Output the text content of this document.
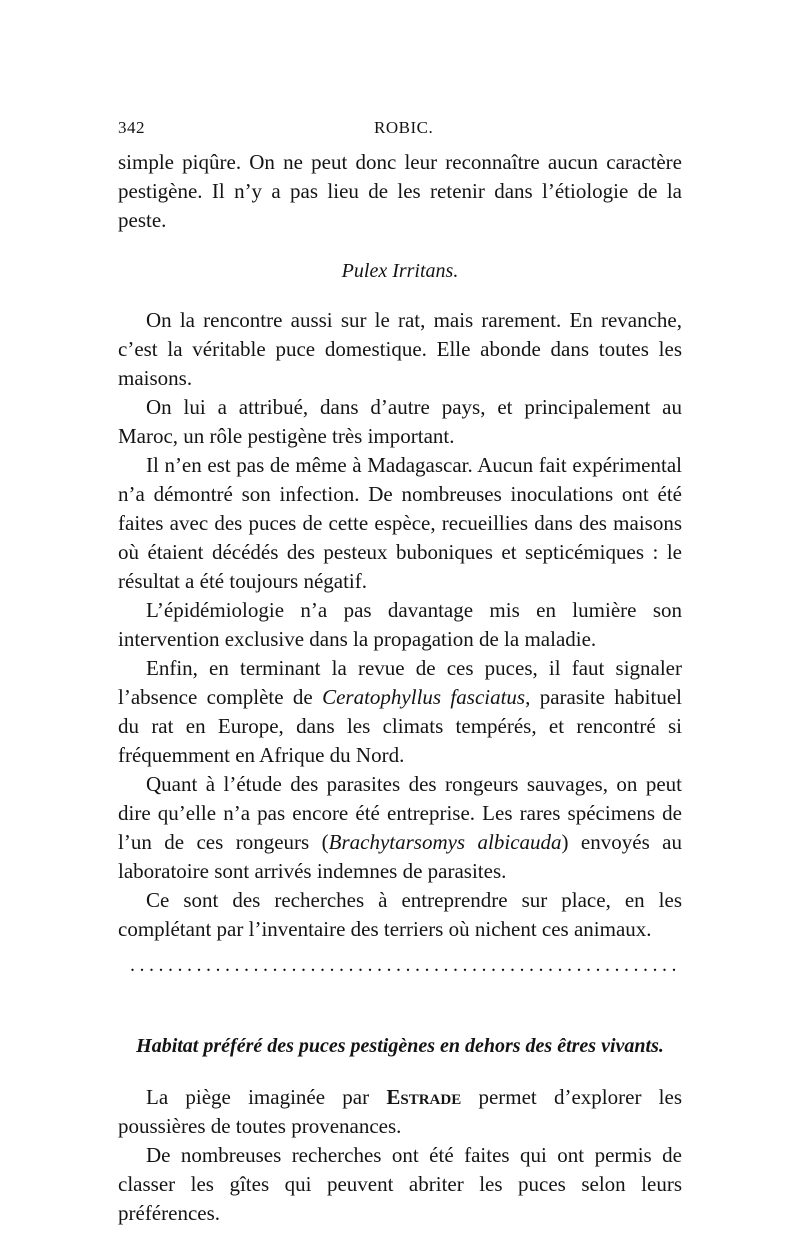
342	ROBIC.

simple piqûre. On ne peut donc leur reconnaître aucun caractère pestigène. Il n’y a pas lieu de les retenir dans l’étiologie de la peste.

Pulex Irritans.

On la rencontre aussi sur le rat, mais rarement. En revanche, c’est la véritable puce domestique. Elle abonde dans toutes les maisons.

On lui a attribué, dans d’autre pays, et principalement au Maroc, un rôle pestigène très important.

Il n’en est pas de même à Madagascar. Aucun fait expérimental n’a démontré son infection. De nombreuses inoculations ont été faites avec des puces de cette espèce, recueillies dans des maisons où étaient décédés des pesteux buboniques et septicémiques : le résultat a été toujours négatif.

L’épidémiologie n’a pas davantage mis en lumière son intervention exclusive dans la propagation de la maladie.

Enfin, en terminant la revue de ces puces, il faut signaler l’absence complète de Ceratophyllus fasciatus, parasite habituel du rat en Europe, dans les climats tempérés, et rencontré si fréquemment en Afrique du Nord.

Quant à l’étude des parasites des rongeurs sauvages, on peut dire qu’elle n’a pas encore été entreprise. Les rares spécimens de l’un de ces rongeurs (Brachytarsomys albicauda) envoyés au laboratoire sont arrivés indemnes de parasites.

Ce sont des recherches à entreprendre sur place, en les complétant par l’inventaire des terriers où nichent ces animaux.

..........................................................
Habitat préféré des puces pestigènes en dehors des êtres vivants.

La piège imaginée par Estrade permet d’explorer les poussières de toutes provenances.

De nombreuses recherches ont été faites qui ont permis de classer les gîtes qui peuvent abriter les puces selon leurs préférences.
